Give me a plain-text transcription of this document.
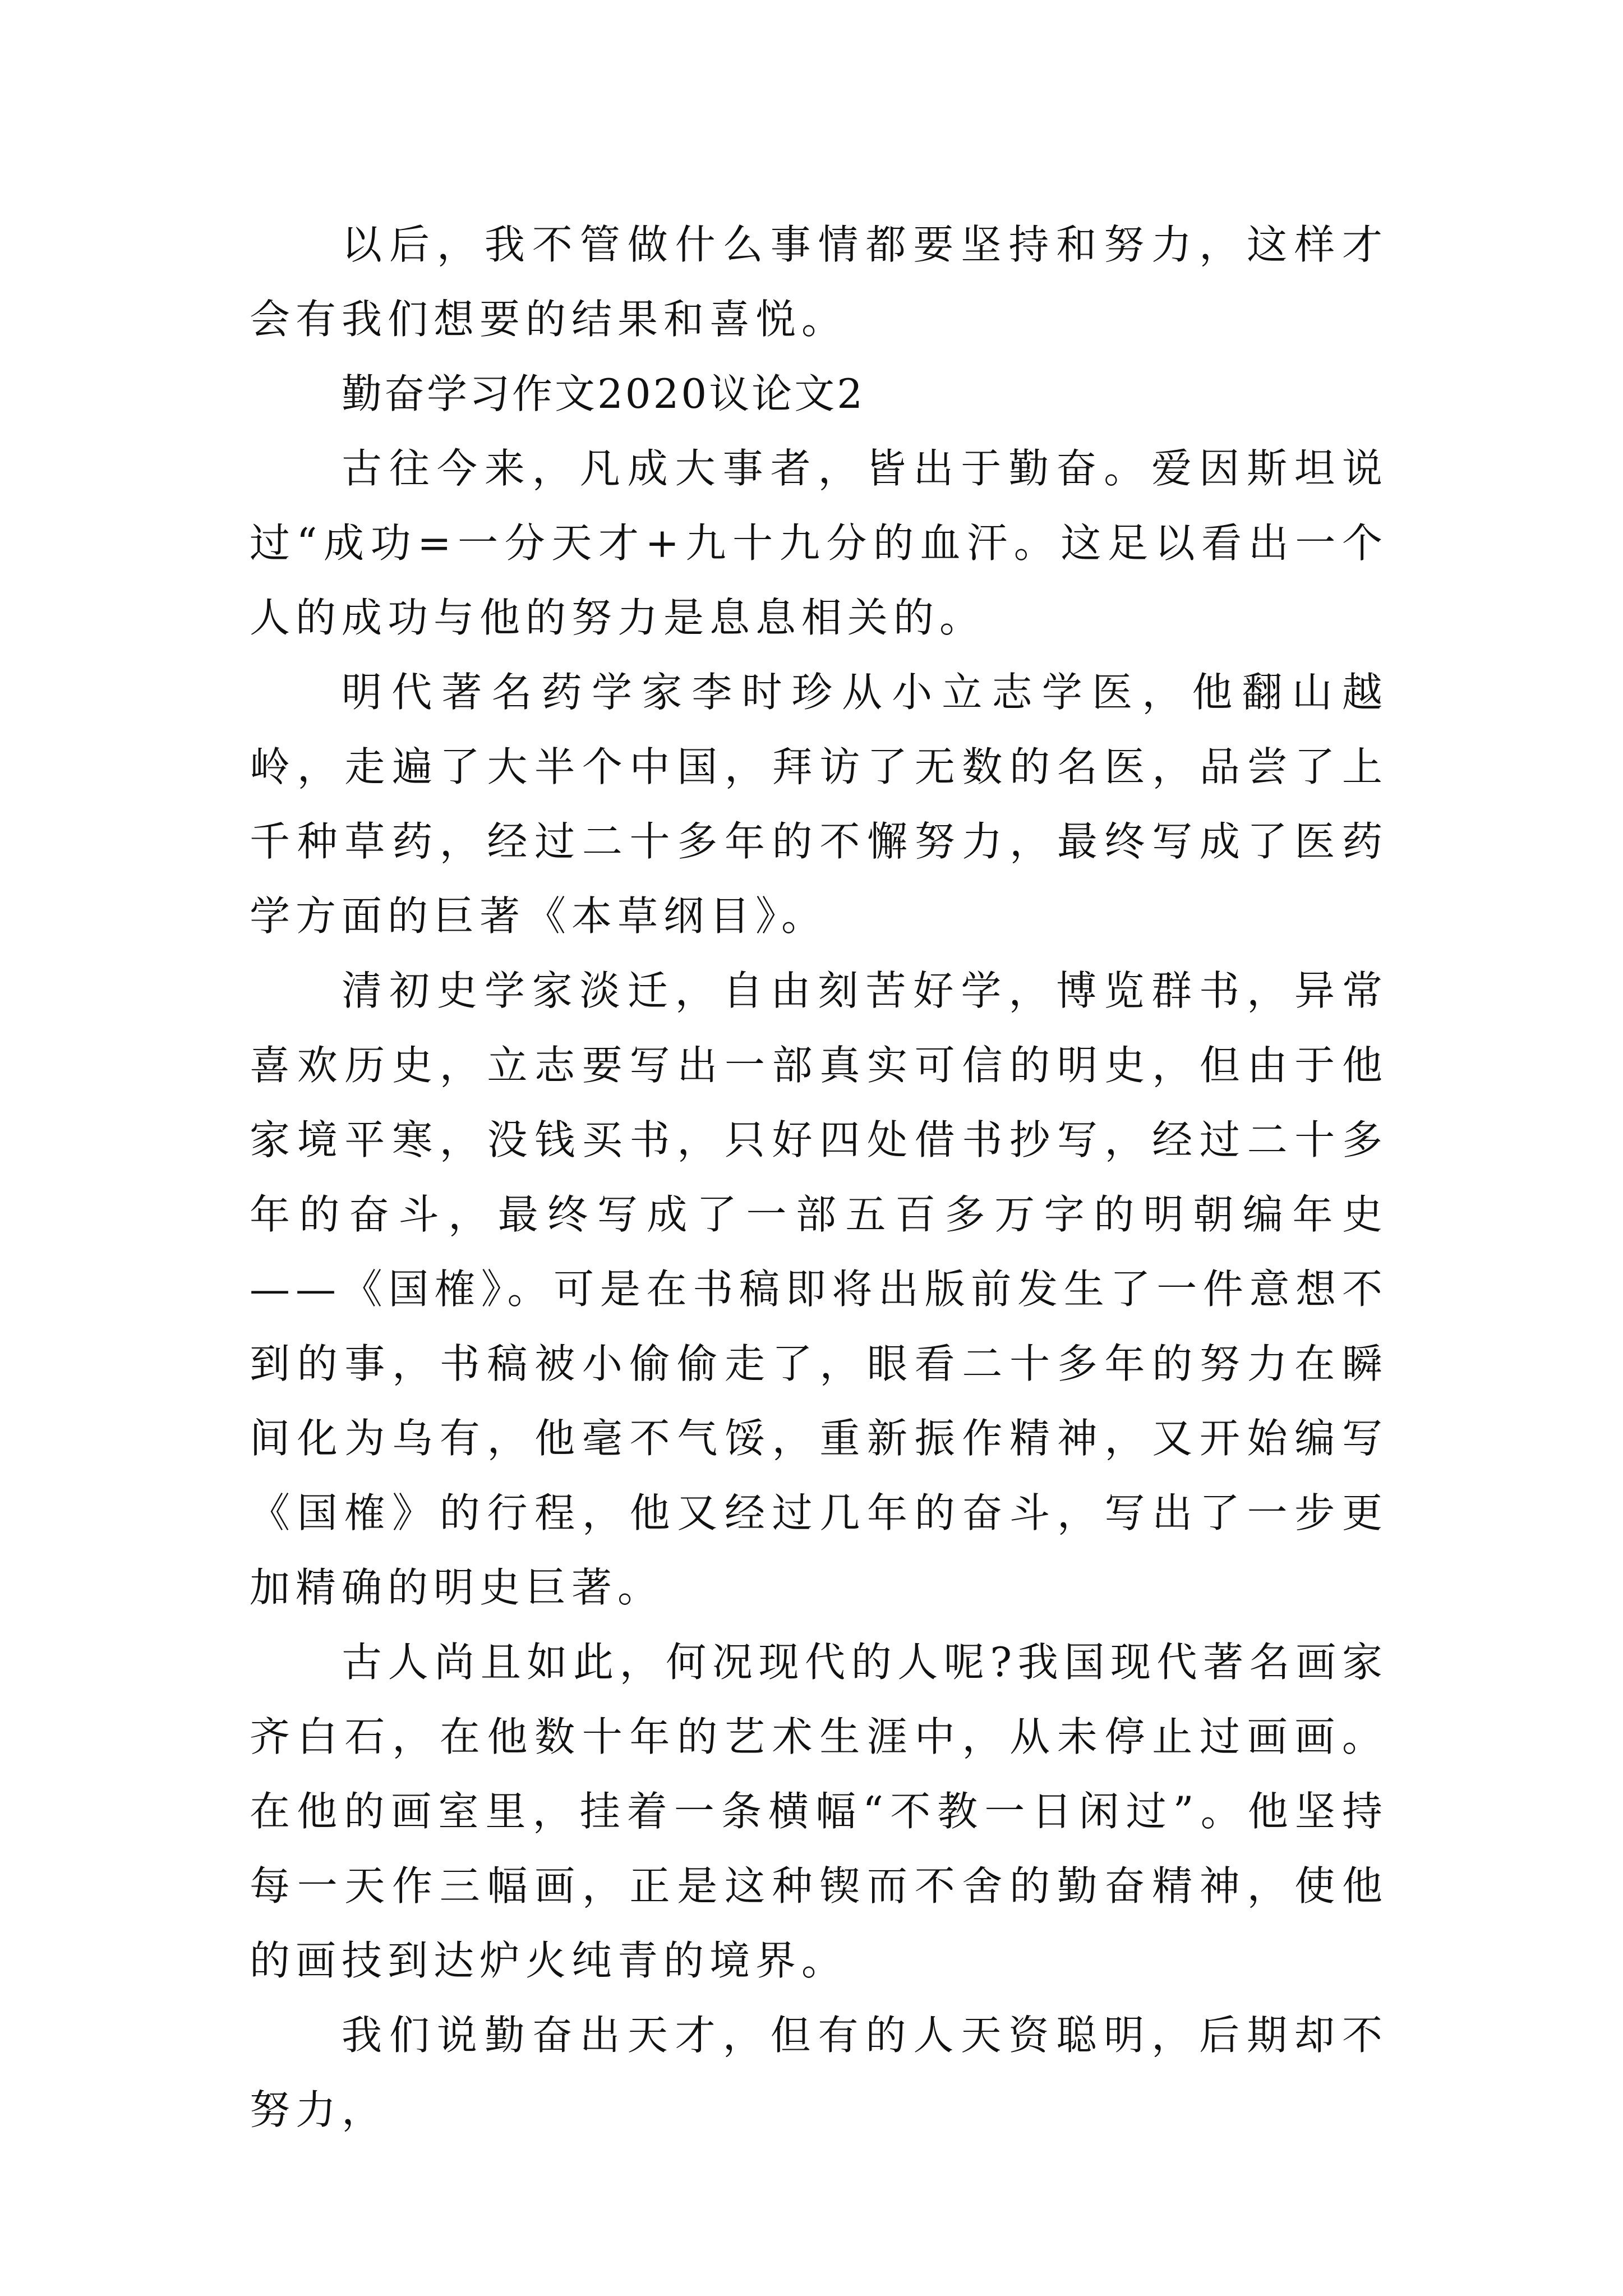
以后，我不管做什么事情都要坚持和努力，这样才会有我们想要的结果和喜悦。

勤奋学习作文2020议论文2

古往今来，凡成大事者，皆出于勤奋。爱因斯坦说过“成功=一分天才+九十九分的血汗。这足以看出一个人的成功与他的努力是息息相关的。

明代著名药学家李时珍从小立志学医，他翻山越岭，走遍了大半个中国，拜访了无数的名医，品尝了上千种草药，经过二十多年的不懈努力，最终写成了医药学方面的巨著《本草纲目》。

清初史学家淡迁，自由刻苦好学，博览群书，异常喜欢历史，立志要写出一部真实可信的明史，但由于他家境平寒，没钱买书，只好四处借书抄写，经过二十多年的奋斗，最终写成了一部五百多万字的明朝编年史——《国榷》。可是在书稿即将出版前发生了一件意想不到的事，书稿被小偷偷走了，眼看二十多年的努力在瞬间化为乌有，他毫不气馁，重新振作精神，又开始编写《国榷》的行程，他又经过几年的奋斗，写出了一步更加精确的明史巨著。

古人尚且如此，何况现代的人呢?我国现代著名画家齐白石，在他数十年的艺术生涯中，从未停止过画画。在他的画室里，挂着一条横幅“不教一日闲过”。他坚持每一天作三幅画，正是这种锲而不舍的勤奋精神，使他的画技到达炉火纯青的境界。

我们说勤奋出天才，但有的人天资聪明，后期却不努力，
